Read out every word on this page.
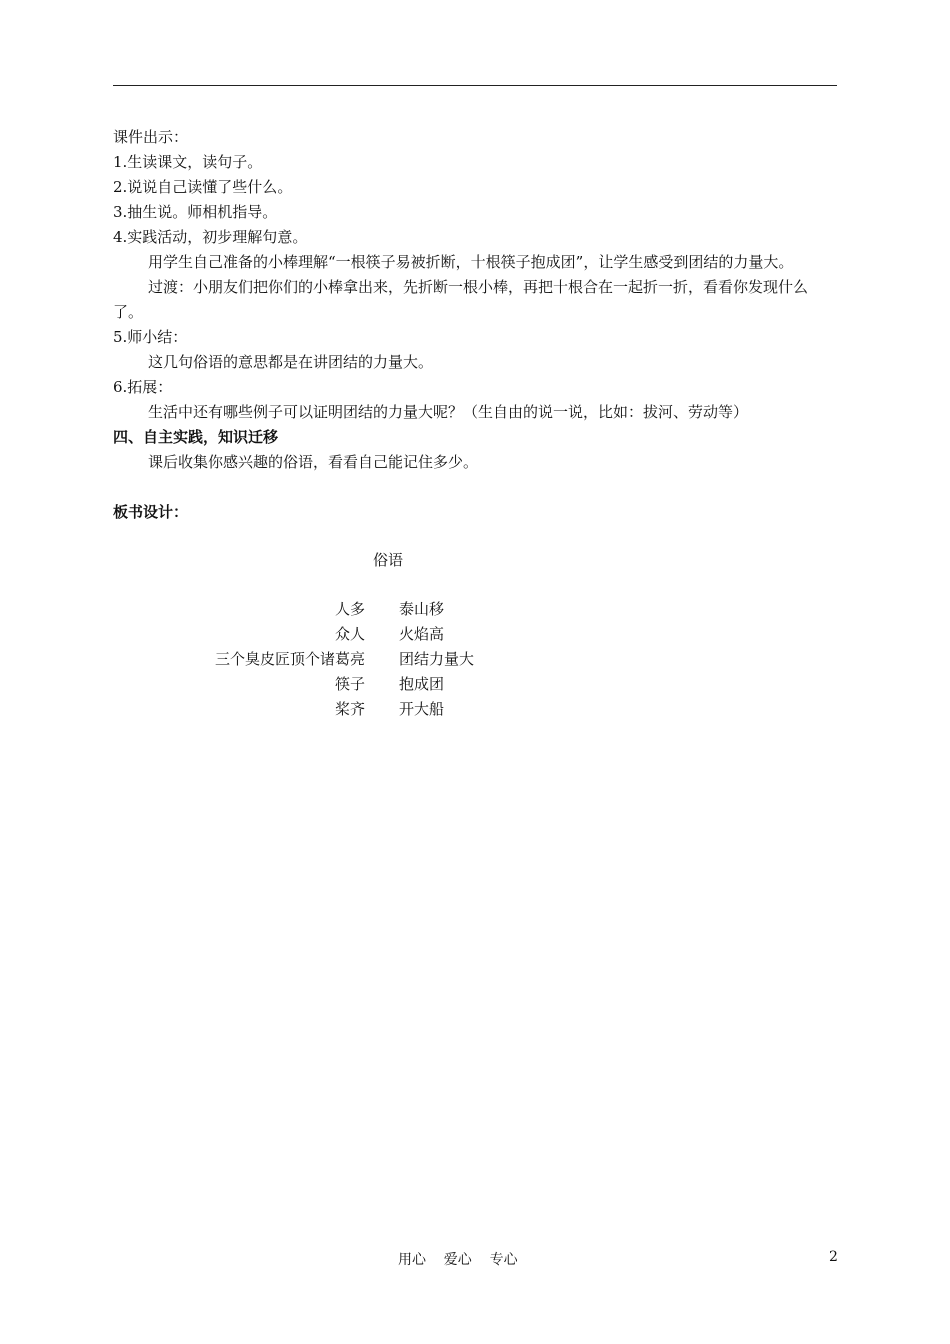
课件出示：
1.生读课文，读句子。
2.说说自己读懂了些什么。
3.抽生说。师相机指导。
4.实践活动，初步理解句意。
用学生自己准备的小棒理解“一根筷子易被折断，十根筷子抱成团”，让学生感受到团结的力量大。
过渡：小朋友们把你们的小棒拿出来，先折断一根小棒，再把十根合在一起折一折，看看你发现什么了。
5.师小结：
这几句俗语的意思都是在讲团结的力量大。
6.拓展：
生活中还有哪些例子可以证明团结的力量大呢？（生自由的说一说，比如：拔河、劳动等）
四、自主实践，知识迁移
课后收集你感兴趣的俗语，看看自己能记住多少。
板书设计：
俗语
人多	泰山移
众人	火焰高
三个臭皮匠顶个诸葛亮	团结力量大
筷子	抱成团
桨齐	开大船
用心    爱心    专心	2
